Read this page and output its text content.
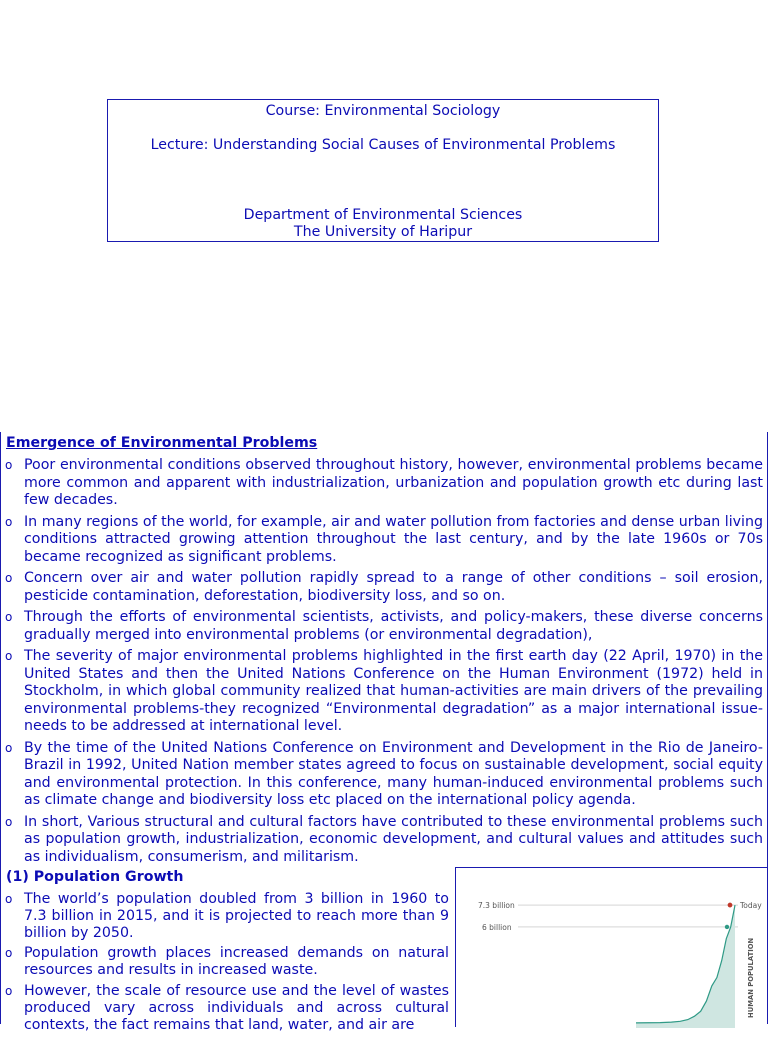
Course: Environmental Sociology
Lecture: Understanding Social Causes of Environmental Problems
Department of Environmental Sciences
The University of Haripur
Emergence of Environmental Problems
o Poor environmental conditions observed throughout history, however, environmental problems became more common and apparent with industrialization, urbanization and population growth etc during last few decades.
o In many regions of the world, for example, air and water pollution from factories and dense urban living conditions attracted growing attention throughout the last century, and by the late 1960s or 70s became recognized as significant problems.
o Concern over air and water pollution rapidly spread to a range of other conditions – soil erosion, pesticide contamination, deforestation, biodiversity loss, and so on.
o Through the efforts of environmental scientists, activists, and policy-makers, these diverse concerns gradually merged into environmental problems (or environmental degradation),
o The severity of major environmental problems highlighted in the first earth day (22 April, 1970) in the United States and then the United Nations Conference on the Human Environment (1972) held in Stockholm, in which global community realized that human-activities are main drivers of the prevailing environmental problems-they recognized “Environmental degradation” as a major international issue-needs to be addressed at international level.
o By the time of the United Nations Conference on Environment and Development in the Rio de Janeiro-Brazil in 1992, United Nation member states agreed to focus on sustainable development, social equity and environmental protection. In this conference, many human-induced environmental problems such as climate change and biodiversity loss etc placed on the international policy agenda.
o In short, Various structural and cultural factors have contributed to these environmental problems such as population growth, industrialization, economic development, and cultural values and attitudes such as individualism, consumerism, and militarism.
(1) Population Growth
o The world’s population doubled from 3 billion in 1960 to 7.3 billion in 2015, and it is projected to reach more than 9 billion by 2050.
o Population growth places increased demands on natural resources and results in increased waste.
o However, the scale of resource use and the level of wastes produced vary across individuals and across cultural contexts, the fact remains that land, water, and air are
7.3 billion
6 billion
Today
HUMAN POPULATION
